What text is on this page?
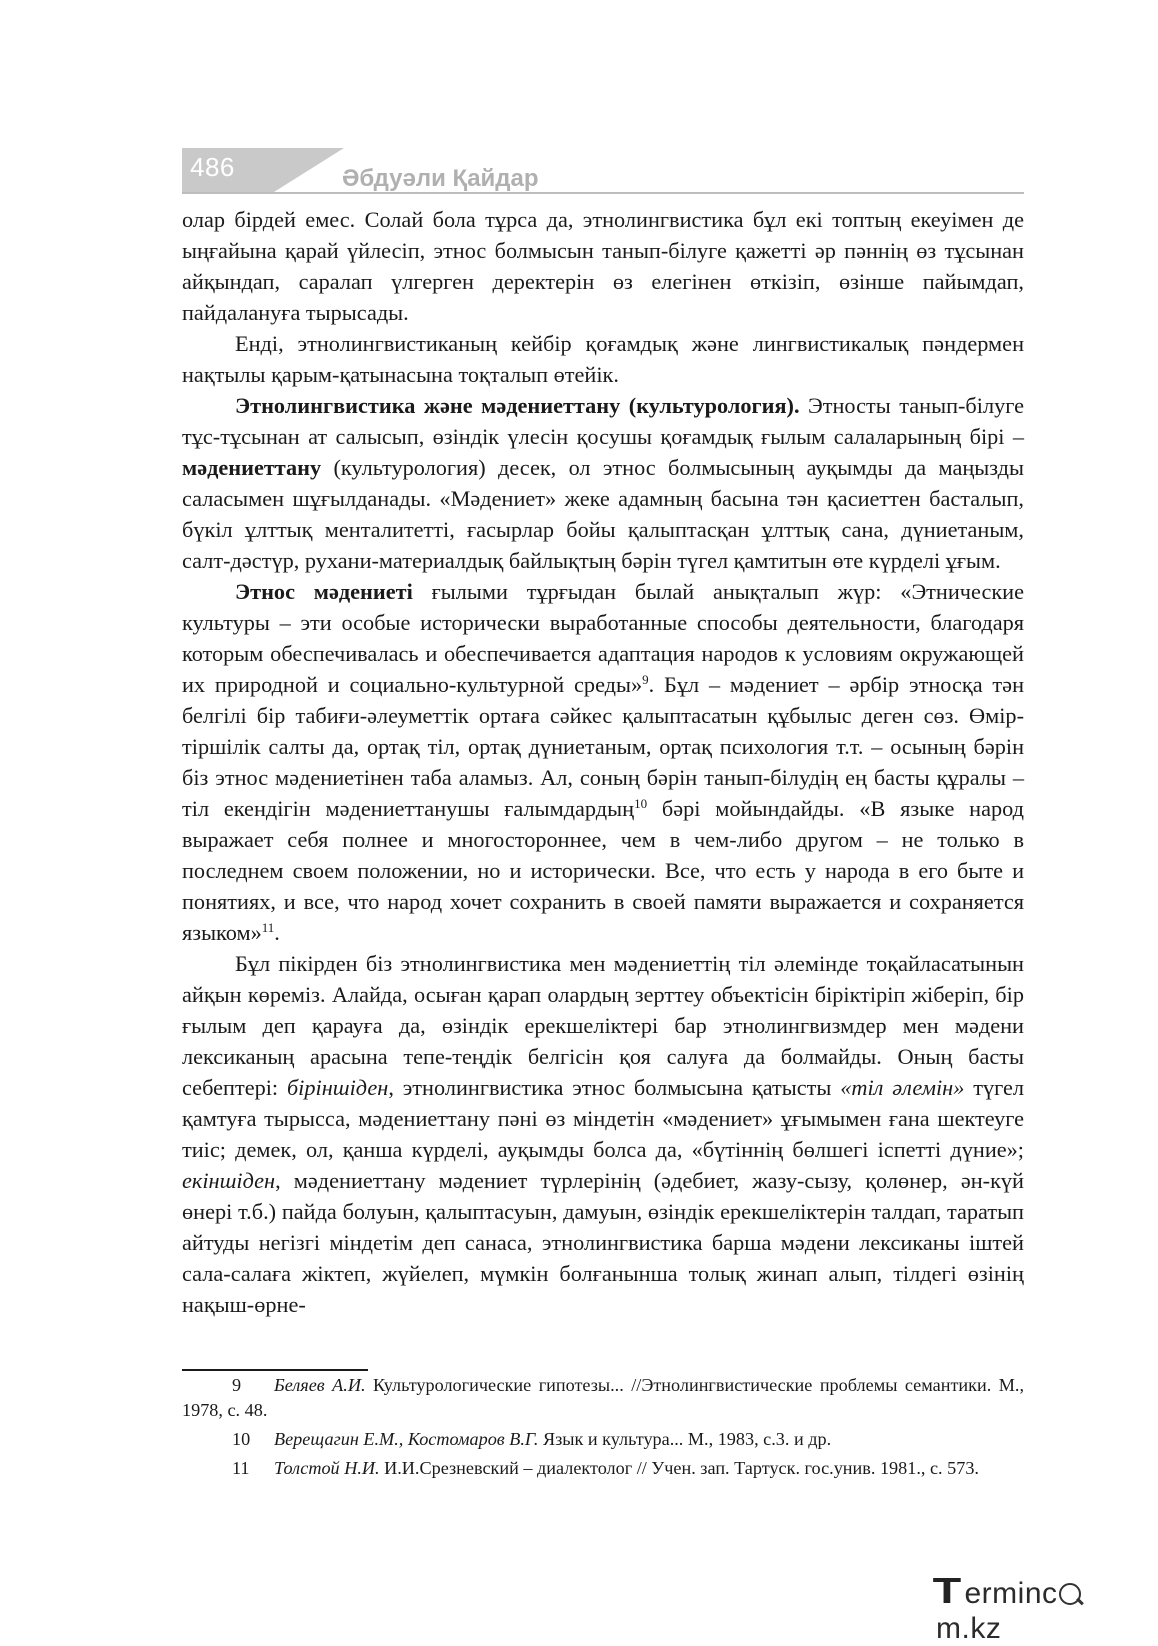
486	Әбдуәли Қайдар

олар бірдей емес. Солай бола тұрса да, этнолингвистика бұл екі топтың екеуімен де ыңғайына қарай үйлесіп, этнос болмысын танып-білуге қажетті әр пәннің өз тұсынан айқындап, саралап үлгерген деректерін өз елегінен өткізіп, өзінше пайымдап, пайдалануға тырысады.

Енді, этнолингвистиканың кейбір қоғамдық және лингвистикалық пәндермен нақтылы қарым-қатынасына тоқталып өтейік.

Этнолингвистика және мәдениеттану (культурология). Этносты танып-білуге тұс-тұсынан ат салысып, өзіндік үлесін қосушы қоғамдық ғылым салаларының бірі – мәдениеттану (культурология) десек, ол этнос болмысының ауқымды да маңызды саласымен шұғылданады. «Мәдениет» жеке адамның басына тән қасиеттен басталып, бүкіл ұлттық менталитетті, ғасырлар бойы қалыптасқан ұлттық сана, дүниетаным, салт-дәстүр, рухани-материалдық байлықтың бәрін түгел қамтитын өте күрделі ұғым.

Этнос мәдениеті ғылыми тұрғыдан былай анықталып жүр: «Этнические культуры – эти особые исторически выработанные способы деятельности, благодаря которым обеспечивалась и обеспечивается адаптация народов к условиям окружающей их природной и социально-культурной среды»$^9$. Бұл – мәдениет – әрбір этносқа тән белгілі бір табиғи-әлеуметтік ортаға сәйкес қалыптасатын құбылыс деген сөз. Өмір-тіршілік салты да, ортақ тіл, ортақ дүниетаным, ортақ психология т.т. – осының бәрін біз этнос мәдениетінен таба аламыз. Ал, соның бәрін танып-білудің ең басты құралы – тіл екендігін мәдениеттанушы ғалымдардың$^{10}$ бәрі мойындайды. «В языке народ выражает себя полнее и многостороннее, чем в чем-либо другом – не только в последнем своем положении, но и исторически. Все, что есть у народа в его быте и понятиях, и все, что народ хочет сохранить в своей памяти выражается и сохраняется языком»$^{11}$.

Бұл пікірден біз этнолингвистика мен мәдениеттің тіл әлемінде тоқайласатынын айқын көреміз. Алайда, осыған қарап олардың зерттеу объектісін біріктіріп жіберіп, бір ғылым деп қарауға да, өзіндік ерекшеліктері бар этнолингвизмдер мен мәдени лексиканың арасына тепе-теңдік белгісін қоя салуға да болмайды. Оның басты себептері: біріншіден, этнолингвистика этнос болмысына қатысты «тіл әлемін» түгел қамтуға тырысса, мәдениеттану пәні өз міндетін «мәдениет» ұғымымен ғана шектеуге тиіс; демек, ол, қанша күрделі, ауқымды болса да, «бүтіннің бөлшегі іспетті дүние»; екіншіден, мәдениеттану мәдениет түрлерінің (әдебиет, жазу-сызу, қолөнер, ән-күй өнері т.б.) пайда болуын, қалыптасуын, дамуын, өзіндік ерекшеліктерін талдап, таратып айтуды негізгі міндетім деп санаса, этнолингвистика барша мәдени лексиканы іштей сала-салаға жіктеп, жүйелеп, мүмкін болғанынша толық жинап алып, тілдегі өзінің нақыш-өрне-

9 Беляев А.И. Культурологические гипотезы... //Этнолингвистические проблемы семантики. М., 1978, с. 48.

10 Верещагин Е.М., Костомаров В.Г. Язык и культура... М., 1983, с.3. и др.

11 Толстой Н.И. И.И.Срезневский – диалектолог // Учен. зап. Тартуск. гос.унив. 1981., с. 573.

Termincm.kz
